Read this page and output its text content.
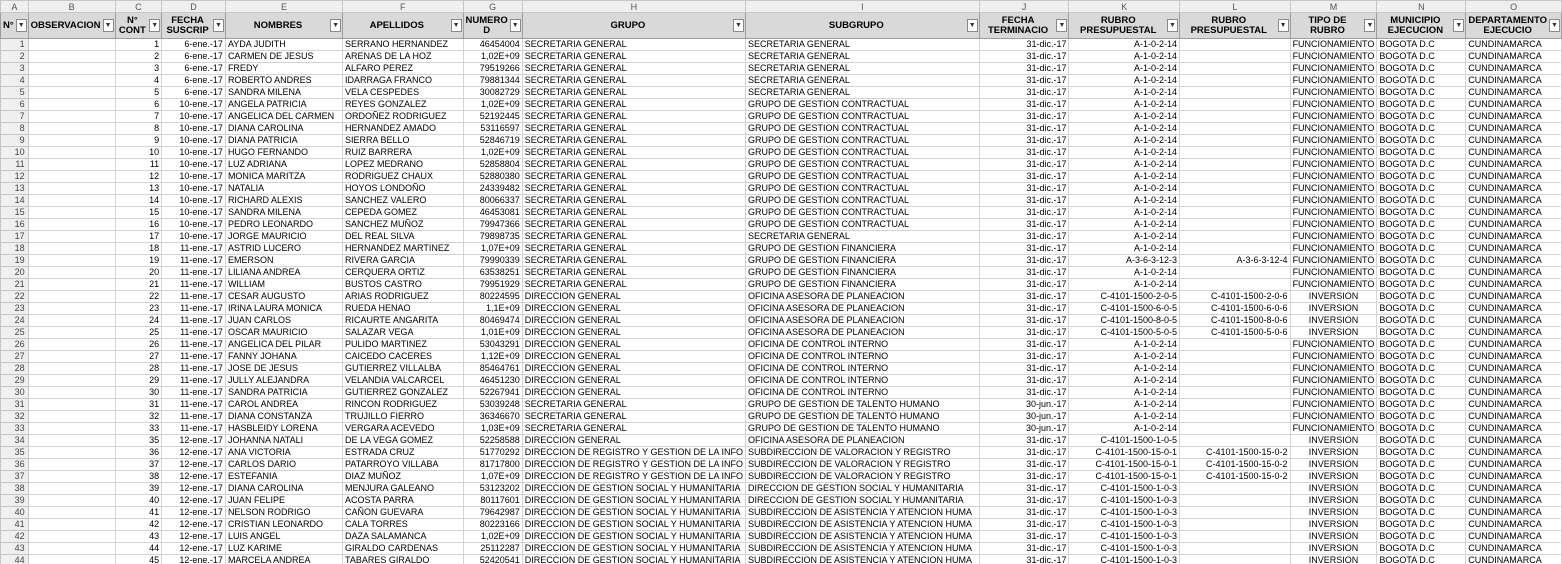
A	B	C	D	E	F	G	H	I	J	K	L	M	N	O
N° ▼	OBSERVACION ▼	N° CONT ▼	FECHA SUSCRIP ▼	NOMBRES ▼	APELLIDOS ▼	NUMERO D ▼	GRUPO ▼	SUBGRUPO ▼	FECHA TERMINACIO ▼	RUBRO PRESUPUESTAL ▼	RUBRO PRESUPUESTAL ▼	TIPO DE RUBRO ▼	MUNICIPIO EJECUCION ▼	DEPARTAMENTO EJECUCIO ▼

1		1	6-ene.-17	AYDA JUDITH	SERRANO HERNANDEZ	46454004	SECRETARIA GENERAL	SECRETARIA GENERAL	31-dic.-17	A-1-0-2-14		FUNCIONAMIENTO	BOGOTA D.C	CUNDINAMARCA
2		2	6-ene.-17	CARMEN DE JESUS	ARENAS DE LA HOZ	1,02E+09	SECRETARIA GENERAL	SECRETARIA GENERAL	31-dic.-17	A-1-0-2-14		FUNCIONAMIENTO	BOGOTA D.C	CUNDINAMARCA
3		3	6-ene.-17	FREDY	ALFARO PEREZ	79519266	SECRETARIA GENERAL	SECRETARIA GENERAL	31-dic.-17	A-1-0-2-14		FUNCIONAMIENTO	BOGOTA D.C	CUNDINAMARCA
4		4	6-ene.-17	ROBERTO ANDRES	IDARRAGA FRANCO	79881344	SECRETARIA GENERAL	SECRETARIA GENERAL	31-dic.-17	A-1-0-2-14		FUNCIONAMIENTO	BOGOTA D.C	CUNDINAMARCA
5		5	6-ene.-17	SANDRA MILENA	VELA CESPEDES	30082729	SECRETARIA GENERAL	SECRETARIA GENERAL	31-dic.-17	A-1-0-2-14		FUNCIONAMIENTO	BOGOTA D.C	CUNDINAMARCA
6		6	10-ene.-17	ANGELA PATRICIA	REYES GONZALEZ	1,02E+09	SECRETARIA GENERAL	GRUPO DE GESTION CONTRACTUAL	31-dic.-17	A-1-0-2-14		FUNCIONAMIENTO	BOGOTA D.C	CUNDINAMARCA
7		7	10-ene.-17	ANGELICA DEL CARMEN	ORDOÑEZ RODRIGUEZ	52192445	SECRETARIA GENERAL	GRUPO DE GESTION CONTRACTUAL	31-dic.-17	A-1-0-2-14		FUNCIONAMIENTO	BOGOTA D.C	CUNDINAMARCA
8		8	10-ene.-17	DIANA CAROLINA	HERNANDEZ AMADO	53116597	SECRETARIA GENERAL	GRUPO DE GESTION CONTRACTUAL	31-dic.-17	A-1-0-2-14		FUNCIONAMIENTO	BOGOTA D.C	CUNDINAMARCA
9		9	10-ene.-17	DIANA PATRICIA	SIERRA BELLO	52846719	SECRETARIA GENERAL	GRUPO DE GESTION CONTRACTUAL	31-dic.-17	A-1-0-2-14		FUNCIONAMIENTO	BOGOTA D.C	CUNDINAMARCA
10		10	10-ene.-17	HUGO FERNANDO	RUIZ BARRERA	1,02E+09	SECRETARIA GENERAL	GRUPO DE GESTION CONTRACTUAL	31-dic.-17	A-1-0-2-14		FUNCIONAMIENTO	BOGOTA D.C	CUNDINAMARCA
11		11	10-ene.-17	LUZ ADRIANA	LOPEZ MEDRANO	52858804	SECRETARIA GENERAL	GRUPO DE GESTION CONTRACTUAL	31-dic.-17	A-1-0-2-14		FUNCIONAMIENTO	BOGOTA D.C	CUNDINAMARCA
12		12	10-ene.-17	MONICA MARITZA	RODRIGUEZ CHAUX	52880380	SECRETARIA GENERAL	GRUPO DE GESTION CONTRACTUAL	31-dic.-17	A-1-0-2-14		FUNCIONAMIENTO	BOGOTA D.C	CUNDINAMARCA
13		13	10-ene.-17	NATALIA	HOYOS LONDOÑO	24339482	SECRETARIA GENERAL	GRUPO DE GESTION CONTRACTUAL	31-dic.-17	A-1-0-2-14		FUNCIONAMIENTO	BOGOTA D.C	CUNDINAMARCA
14		14	10-ene.-17	RICHARD ALEXIS	SANCHEZ VALERO	80066337	SECRETARIA GENERAL	GRUPO DE GESTION CONTRACTUAL	31-dic.-17	A-1-0-2-14		FUNCIONAMIENTO	BOGOTA D.C	CUNDINAMARCA
15		15	10-ene.-17	SANDRA MILENA	CEPEDA GOMEZ	46453081	SECRETARIA GENERAL	GRUPO DE GESTION CONTRACTUAL	31-dic.-17	A-1-0-2-14		FUNCIONAMIENTO	BOGOTA D.C	CUNDINAMARCA
16		16	10-ene.-17	PEDRO LEONARDO	SANCHEZ MUÑOZ	79947366	SECRETARIA GENERAL	GRUPO DE GESTION CONTRACTUAL	31-dic.-17	A-1-0-2-14		FUNCIONAMIENTO	BOGOTA D.C	CUNDINAMARCA
17		17	10-ene.-17	JORGE MAURICIO	DEL REAL SILVA	79898735	SECRETARIA GENERAL	SECRETARIA GENERAL	31-dic.-17	A-1-0-2-14		FUNCIONAMIENTO	BOGOTA D.C	CUNDINAMARCA
18		18	11-ene.-17	ASTRID LUCERO	HERNANDEZ MARTINEZ	1,07E+09	SECRETARIA GENERAL	GRUPO DE GESTION FINANCIERA	31-dic.-17	A-1-0-2-14		FUNCIONAMIENTO	BOGOTA D.C	CUNDINAMARCA
19		19	11-ene.-17	EMERSON	RIVERA GARCIA	79990339	SECRETARIA GENERAL	GRUPO DE GESTION FINANCIERA	31-dic.-17	A-3-6-3-12-3	A-3-6-3-12-4	FUNCIONAMIENTO	BOGOTA D.C	CUNDINAMARCA
20		20	11-ene.-17	LILIANA ANDREA	CERQUERA ORTIZ	63538251	SECRETARIA GENERAL	GRUPO DE GESTION FINANCIERA	31-dic.-17	A-1-0-2-14		FUNCIONAMIENTO	BOGOTA D.C	CUNDINAMARCA
21		21	11-ene.-17	WILLIAM	BUSTOS CASTRO	79951929	SECRETARIA GENERAL	GRUPO DE GESTION FINANCIERA	31-dic.-17	A-1-0-2-14		FUNCIONAMIENTO	BOGOTA D.C	CUNDINAMARCA
22		22	11-ene.-17	CESAR AUGUSTO	ARIAS RODRIGUEZ	80224595	DIRECCION GENERAL	OFICINA ASESORA DE PLANEACION	31-dic.-17	C-4101-1500-2-0-5	C-4101-1500-2-0-6	INVERSION	BOGOTA D.C	CUNDINAMARCA
23		23	11-ene.-17	IRINA LAURA MONICA	RUEDA HENAO	1,1E+09	DIRECCION GENERAL	OFICINA ASESORA DE PLANEACION	31-dic.-17	C-4101-1500-6-0-5	C-4101-1500-6-0-6	INVERSION	BOGOTA D.C	CUNDINAMARCA
24		24	11-ene.-17	JUAN CARLOS	RICAURTE ANGARITA	80469474	DIRECCION GENERAL	OFICINA ASESORA DE PLANEACION	31-dic.-17	C-4101-1500-8-0-5	C-4101-1500-8-0-6	INVERSION	BOGOTA D.C	CUNDINAMARCA
25		25	11-ene.-17	OSCAR MAURICIO	SALAZAR VEGA	1,01E+09	DIRECCION GENERAL	OFICINA ASESORA DE PLANEACION	31-dic.-17	C-4101-1500-5-0-5	C-4101-1500-5-0-6	INVERSION	BOGOTA D.C	CUNDINAMARCA
26		26	11-ene.-17	ANGELICA DEL PILAR	PULIDO MARTINEZ	53043291	DIRECCION GENERAL	OFICINA DE CONTROL INTERNO	31-dic.-17	A-1-0-2-14		FUNCIONAMIENTO	BOGOTA D.C	CUNDINAMARCA
27		27	11-ene.-17	FANNY JOHANA	CAICEDO CACERES	1,12E+09	DIRECCION GENERAL	OFICINA DE CONTROL INTERNO	31-dic.-17	A-1-0-2-14		FUNCIONAMIENTO	BOGOTA D.C	CUNDINAMARCA
28		28	11-ene.-17	JOSE DE JESUS	GUTIERREZ VILLALBA	85464761	DIRECCION GENERAL	OFICINA DE CONTROL INTERNO	31-dic.-17	A-1-0-2-14		FUNCIONAMIENTO	BOGOTA D.C	CUNDINAMARCA
29		29	11-ene.-17	JULLY ALEJANDRA	VELANDIA VALCARCEL	46451230	DIRECCION GENERAL	OFICINA DE CONTROL INTERNO	31-dic.-17	A-1-0-2-14		FUNCIONAMIENTO	BOGOTA D.C	CUNDINAMARCA
30		30	11-ene.-17	SANDRA PATRICIA	GUTIERREZ GONZALEZ	52267941	DIRECCION GENERAL	OFICINA DE CONTROL INTERNO	31-dic.-17	A-1-0-2-14		FUNCIONAMIENTO	BOGOTA D.C	CUNDINAMARCA
31		31	11-ene.-17	CAROL ANDREA	RINCON RODRIGUEZ	53039248	SECRETARIA GENERAL	GRUPO DE GESTION DE TALENTO HUMANO	30-jun.-17	A-1-0-2-14		FUNCIONAMIENTO	BOGOTA D.C	CUNDINAMARCA
32		32	11-ene.-17	DIANA CONSTANZA	TRUJILLO FIERRO	36346670	SECRETARIA GENERAL	GRUPO DE GESTION DE TALENTO HUMANO	30-jun.-17	A-1-0-2-14		FUNCIONAMIENTO	BOGOTA D.C	CUNDINAMARCA
33		33	11-ene.-17	HASBLEIDY LORENA	VERGARA ACEVEDO	1,03E+09	SECRETARIA GENERAL	GRUPO DE GESTION DE TALENTO HUMANO	30-jun.-17	A-1-0-2-14		FUNCIONAMIENTO	BOGOTA D.C	CUNDINAMARCA
34		35	12-ene.-17	JOHANNA NATALI	DE LA VEGA GOMEZ	52258588	DIRECCION GENERAL	OFICINA ASESORA DE PLANEACION	31-dic.-17	C-4101-1500-1-0-5		INVERSION	BOGOTA D.C	CUNDINAMARCA
35		36	12-ene.-17	ANA VICTORIA	ESTRADA CRUZ	51770292	DIRECCION DE REGISTRO Y GESTION DE LA INFO	SUBDIRECCION DE VALORACION Y REGISTRO	31-dic.-17	C-4101-1500-15-0-1	C-4101-1500-15-0-2	INVERSION	BOGOTA D.C	CUNDINAMARCA
36		37	12-ene.-17	CARLOS DARIO	PATARROYO VILLABA	81717800	DIRECCION DE REGISTRO Y GESTION DE LA INFO	SUBDIRECCION DE VALORACION Y REGISTRO	31-dic.-17	C-4101-1500-15-0-1	C-4101-1500-15-0-2	INVERSION	BOGOTA D.C	CUNDINAMARCA
37		38	12-ene.-17	ESTEFANIA	DIAZ MUÑOZ	1,07E+09	DIRECCION DE REGISTRO Y GESTION DE LA INFO	SUBDIRECCION DE VALORACION Y REGISTRO	31-dic.-17	C-4101-1500-15-0-1	C-4101-1500-15-0-2	INVERSION	BOGOTA D.C	CUNDINAMARCA
38		39	12-ene.-17	DIANA CAROLINA	MENJURA GALEANO	53123202	DIRECCION DE GESTION SOCIAL Y HUMANITARIA	DIRECCION DE GESTION SOCIAL Y HUMANITARIA	31-dic.-17	C-4101-1500-1-0-3		INVERSION	BOGOTA D.C	CUNDINAMARCA
39		40	12-ene.-17	JUAN FELIPE	ACOSTA PARRA	80117601	DIRECCION DE GESTION SOCIAL Y HUMANITARIA	DIRECCION DE GESTION SOCIAL Y HUMANITARIA	31-dic.-17	C-4101-1500-1-0-3		INVERSION	BOGOTA D.C	CUNDINAMARCA
40		41	12-ene.-17	NELSON RODRIGO	CAÑON GUEVARA	79642987	DIRECCION DE GESTION SOCIAL Y HUMANITARIA	SUBDIRECCION DE ASISTENCIA Y ATENCION HUMA	31-dic.-17	C-4101-1500-1-0-3		INVERSION	BOGOTA D.C	CUNDINAMARCA
41		42	12-ene.-17	CRISTIAN LEONARDO	CALA TORRES	80223166	DIRECCION DE GESTION SOCIAL Y HUMANITARIA	SUBDIRECCION DE ASISTENCIA Y ATENCION HUMA	31-dic.-17	C-4101-1500-1-0-3		INVERSION	BOGOTA D.C	CUNDINAMARCA
42		43	12-ene.-17	LUIS ANGEL	DAZA SALAMANCA	1,02E+09	DIRECCION DE GESTION SOCIAL Y HUMANITARIA	SUBDIRECCION DE ASISTENCIA Y ATENCION HUMA	31-dic.-17	C-4101-1500-1-0-3		INVERSION	BOGOTA D.C	CUNDINAMARCA
43		44	12-ene.-17	LUZ KARIME	GIRALDO CARDENAS	25112287	DIRECCION DE GESTION SOCIAL Y HUMANITARIA	SUBDIRECCION DE ASISTENCIA Y ATENCION HUMA	31-dic.-17	C-4101-1500-1-0-3		INVERSION	BOGOTA D.C	CUNDINAMARCA
44		45	12-ene.-17	MARCELA ANDREA	TABARES GIRALDO	52420541	DIRECCION DE GESTION SOCIAL Y HUMANITARIA	SUBDIRECCION DE ASISTENCIA Y ATENCION HUMA	31-dic.-17	C-4101-1500-1-0-3		INVERSION	BOGOTA D.C	CUNDINAMARCA
